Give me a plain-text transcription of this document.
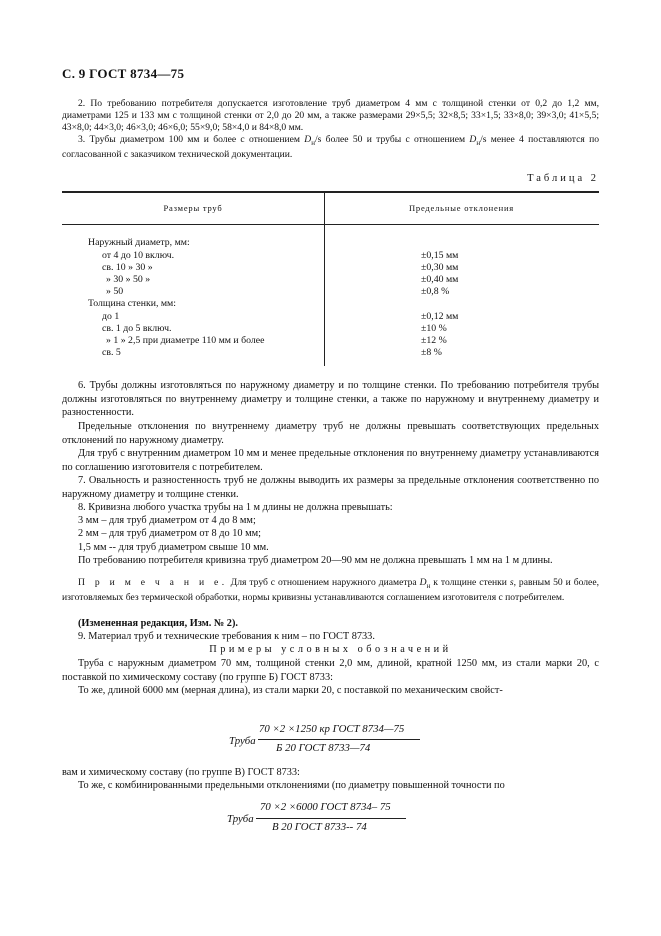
С. 9 ГОСТ 8734—75
2. По требованию потребителя допускается изготовление труб диаметром 4 мм с толщиной стенки от 0,2 до 1,2 мм, диаметрами 125 и 133 мм с толщиной стенки от 2,0 до 20 мм, а также размерами 29×5,5; 32×8,5; 33×1,5; 33×8,0; 39×3,0; 41×5,5; 43×8,0; 44×3,0; 46×3,0; 46×6,0; 55×9,0; 58×4,0 и 84×8,0 мм.
3. Трубы диаметром 100 мм и более с отношением $D_н/s$ более 50 и трубы с отношением $D_н/s$ менее 4 поставляются по согласованной с заказчиком технической документации.
Таблица 2
Размеры труб	Предельные отклонения
Наружный диаметр, мм:
от 4 до 10 включ.	±0,15 мм
св. 10 » 30 »	±0,30 мм
» 30 » 50 »	±0,40 мм
» 50	±0,8 %
Толщина стенки, мм:
до 1	±0,12 мм
св. 1 до 5 включ.	±10 %
» 1 » 2,5 при диаметре 110 мм и более	±12 %
св. 5	±8 %
6. Трубы должны изготовляться по наружному диаметру и по толщине стенки. По требованию потребителя трубы должны изготовляться по внутреннему диаметру и толщине стенки, а также по наружному и внутреннему диаметру и разностенности.
Предельные отклонения по внутреннему диаметру труб не должны превышать соответствующих предельных отклонений по наружному диаметру.
Для труб с внутренним диаметром 10 мм и менее предельные отклонения по внутреннему диаметру устанавливаются по соглашению изготовителя с потребителем.
7. Овальность и разностенность труб не должны выводить их размеры за предельные отклонения соответственно по наружному диаметру и толщине стенки.
8. Кривизна любого участка трубы на 1 м длины не должна превышать:
3 мм – для труб диаметром от 4 до 8 мм;
2 мм – для труб диаметром от 8 до 10 мм;
1,5 мм -- для труб диаметром свыше 10 мм.
По требованию потребителя кривизна труб диаметром 20—90 мм не должна превышать 1 мм на 1 м длины.
П р и м е ч а н и е. Для труб с отношением наружного диаметра $D_н$ к толщине стенки s, равным 50 и более, изготовляемых без термической обработки, нормы кривизны устанавливаются соглашением изготовителя с потребителем.
(Измененная редакция, Изм. № 2).
9. Материал труб и технические требования к ним – по ГОСТ 8733.
Примеры условных обозначений
Труба с наружным диаметром 70 мм, толщиной стенки 2,0 мм, длиной, кратной 1250 мм, из стали марки 20, с поставкой по химическому составу (по группе Б) ГОСТ 8733:
То же, длиной 6000 мм (мерная длина), из стали марки 20, с поставкой по механическим свойст-
Труба
70 ×2 ×1250 кр ГОСТ 8734—75
Б 20 ГОСТ 8733—74
вам и химическому составу (по группе В) ГОСТ 8733:
То же, с комбинированными предельными отклонениями (по диаметру повышенной точности по
Труба
70 ×2 ×6000 ГОСТ 8734– 75
В 20 ГОСТ 8733-- 74
